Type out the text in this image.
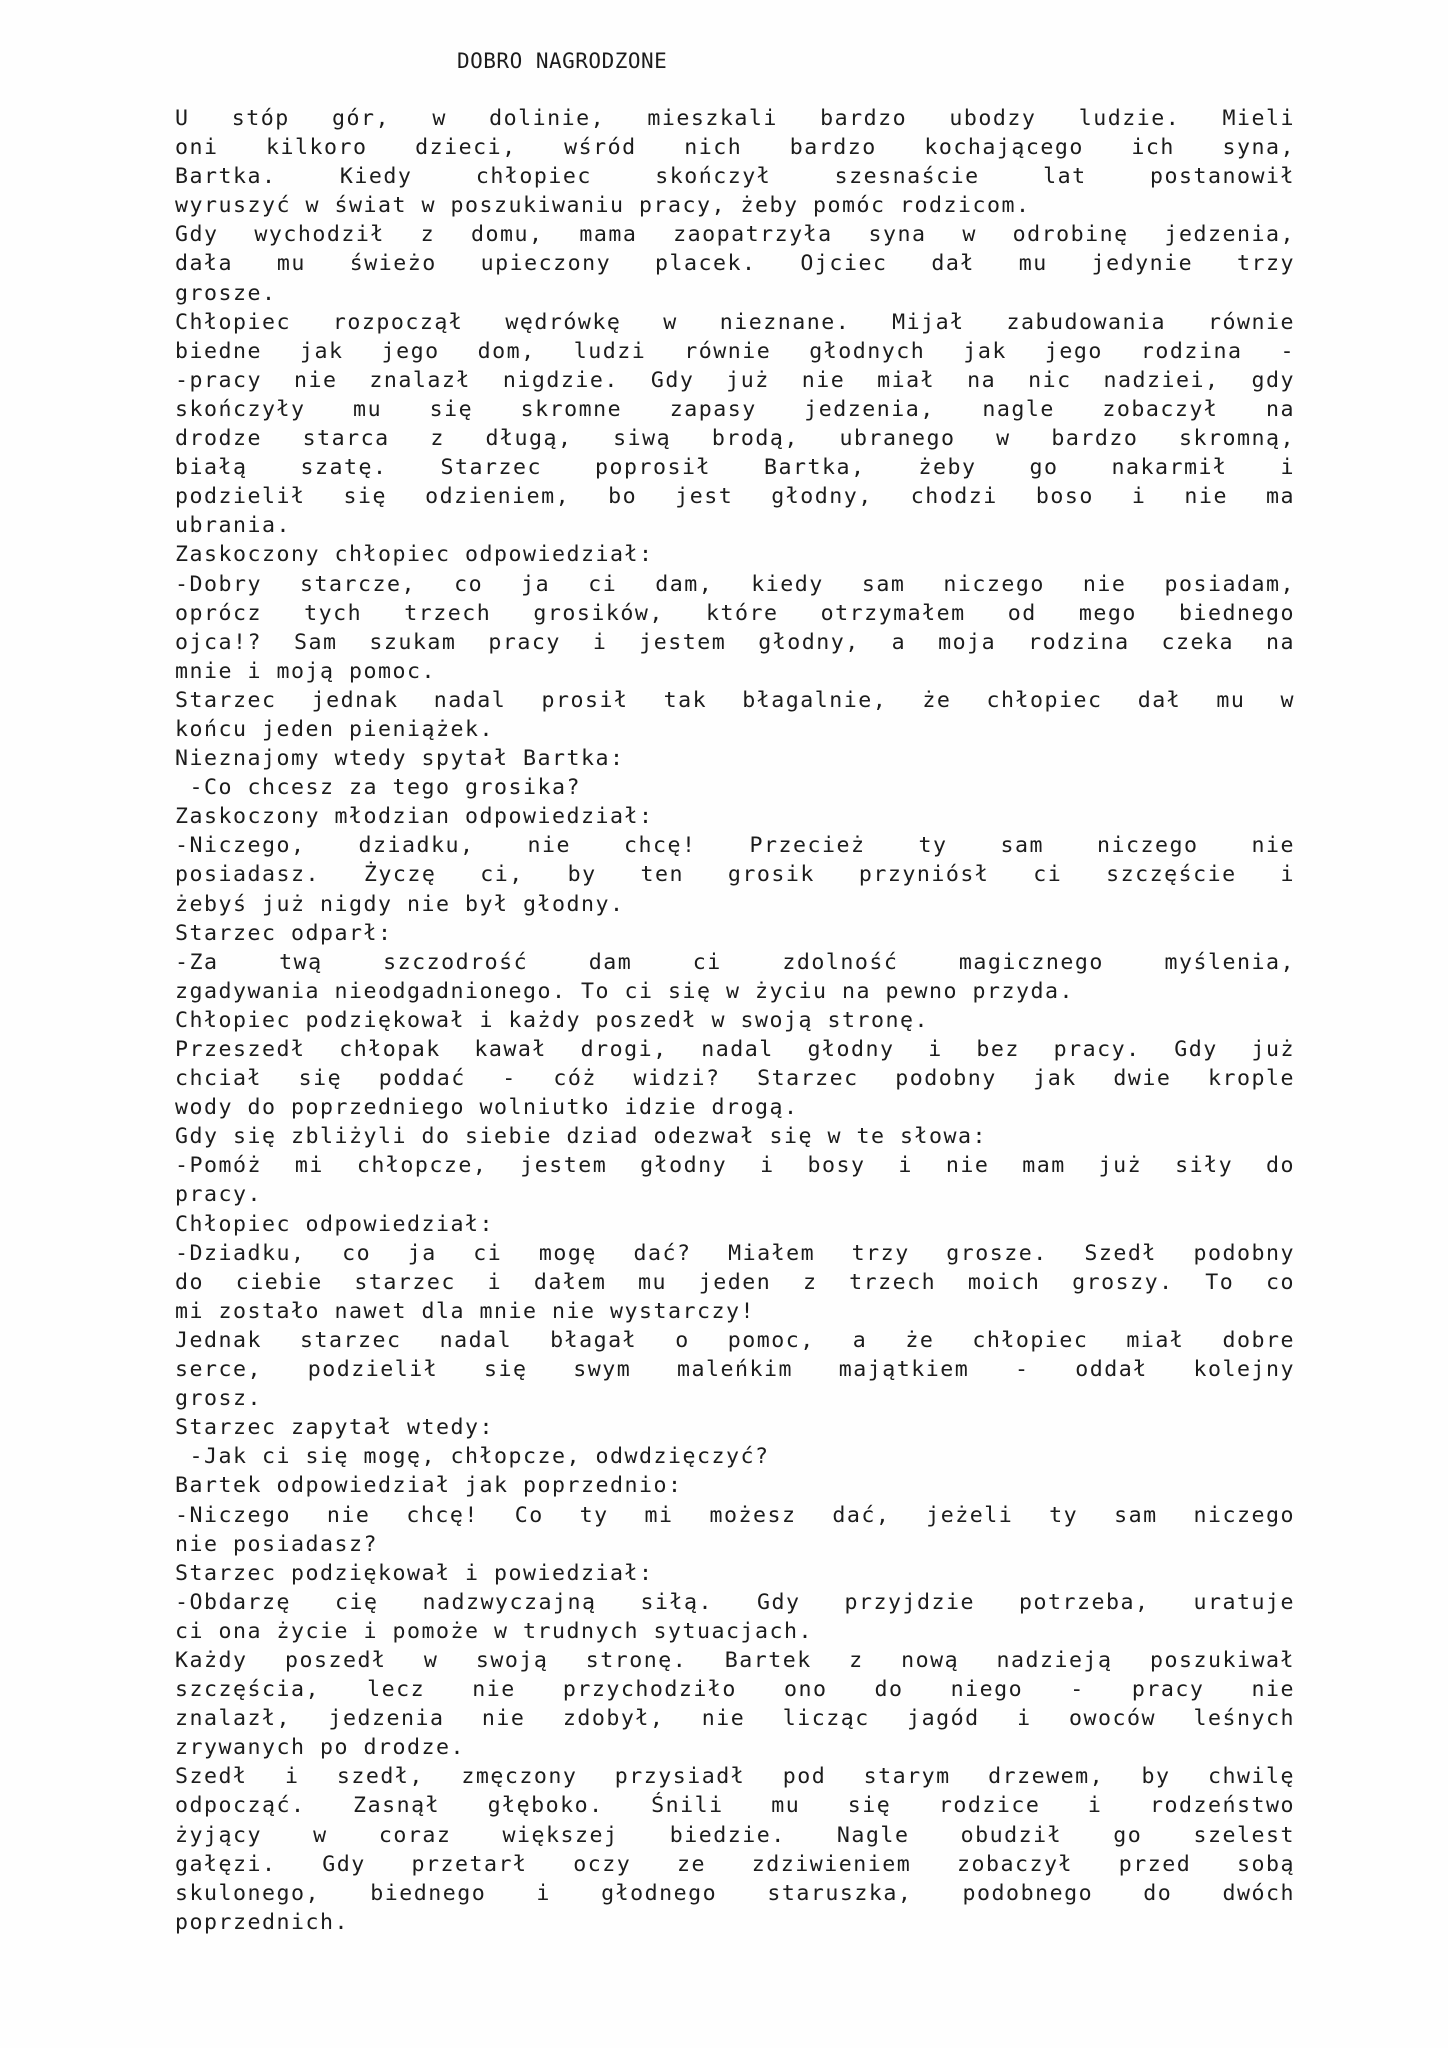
DOBRO NAGRODZONE
U stóp gór, w dolinie, mieszkali bardzo ubodzy ludzie. Mieli
oni kilkoro dzieci, wśród nich bardzo kochającego ich syna,
Bartka. Kiedy chłopiec skończył szesnaście lat postanowił
wyruszyć w świat w poszukiwaniu pracy, żeby pomóc rodzicom.
Gdy wychodził z domu, mama zaopatrzyła syna w odrobinę jedzenia,
dała mu świeżo upieczony placek. Ojciec dał mu jedynie trzy
grosze.
Chłopiec rozpoczął wędrówkę w nieznane. Mijał zabudowania równie
biedne jak jego dom, ludzi równie głodnych jak jego rodzina -
-pracy nie znalazł nigdzie. Gdy już nie miał na nic nadziei, gdy
skończyły mu się skromne zapasy jedzenia, nagle zobaczył na
drodze starca z długą, siwą brodą, ubranego w bardzo skromną,
białą szatę. Starzec poprosił Bartka, żeby go nakarmił i
podzielił się odzieniem, bo jest głodny, chodzi boso i nie ma
ubrania.
Zaskoczony chłopiec odpowiedział:
-Dobry starcze, co ja ci dam, kiedy sam niczego nie posiadam,
oprócz tych trzech grosików, które otrzymałem od mego biednego
ojca!? Sam szukam pracy i jestem głodny, a moja rodzina czeka na
mnie i moją pomoc.
Starzec jednak nadal prosił tak błagalnie, że chłopiec dał mu w
końcu jeden pieniążek.
Nieznajomy wtedy spytał Bartka:
-Co chcesz za tego grosika?
Zaskoczony młodzian odpowiedział:
-Niczego, dziadku, nie chcę! Przecież ty sam niczego nie
posiadasz. Życzę ci, by ten grosik przyniósł ci szczęście i
żebyś już nigdy nie był głodny.
Starzec odparł:
-Za twą szczodrość dam ci zdolność magicznego myślenia,
zgadywania nieodgadnionego. To ci się w życiu na pewno przyda.
Chłopiec podziękował i każdy poszedł w swoją stronę.
Przeszedł chłopak kawał drogi, nadal głodny i bez pracy. Gdy już
chciał się poddać - cóż widzi? Starzec podobny jak dwie krople
wody do poprzedniego wolniutko idzie drogą.
Gdy się zbliżyli do siebie dziad odezwał się w te słowa:
-Pomóż mi chłopcze, jestem głodny i bosy i nie mam już siły do
pracy.
Chłopiec odpowiedział:
-Dziadku, co ja ci mogę dać? Miałem trzy grosze. Szedł podobny
do ciebie starzec i dałem mu jeden z trzech moich groszy. To co
mi zostało nawet dla mnie nie wystarczy!
Jednak starzec nadal błagał o pomoc, a że chłopiec miał dobre
serce, podzielił się swym maleńkim majątkiem - oddał kolejny
grosz.
Starzec zapytał wtedy:
-Jak ci się mogę, chłopcze, odwdzięczyć?
Bartek odpowiedział jak poprzednio:
-Niczego nie chcę! Co ty mi możesz dać, jeżeli ty sam niczego
nie posiadasz?
Starzec podziękował i powiedział:
-Obdarzę cię nadzwyczajną siłą. Gdy przyjdzie potrzeba, uratuje
ci ona życie i pomoże w trudnych sytuacjach.
Każdy poszedł w swoją stronę. Bartek z nową nadzieją poszukiwał
szczęścia, lecz nie przychodziło ono do niego - pracy nie
znalazł, jedzenia nie zdobył, nie licząc jagód i owoców leśnych
zrywanych po drodze.
Szedł i szedł, zmęczony przysiadł pod starym drzewem, by chwilę
odpocząć. Zasnął głęboko. Śnili mu się rodzice i rodzeństwo
żyjący w coraz większej biedzie. Nagle obudził go szelest
gałęzi. Gdy przetarł oczy ze zdziwieniem zobaczył przed sobą
skulonego, biednego i głodnego staruszka, podobnego do dwóch
poprzednich.
